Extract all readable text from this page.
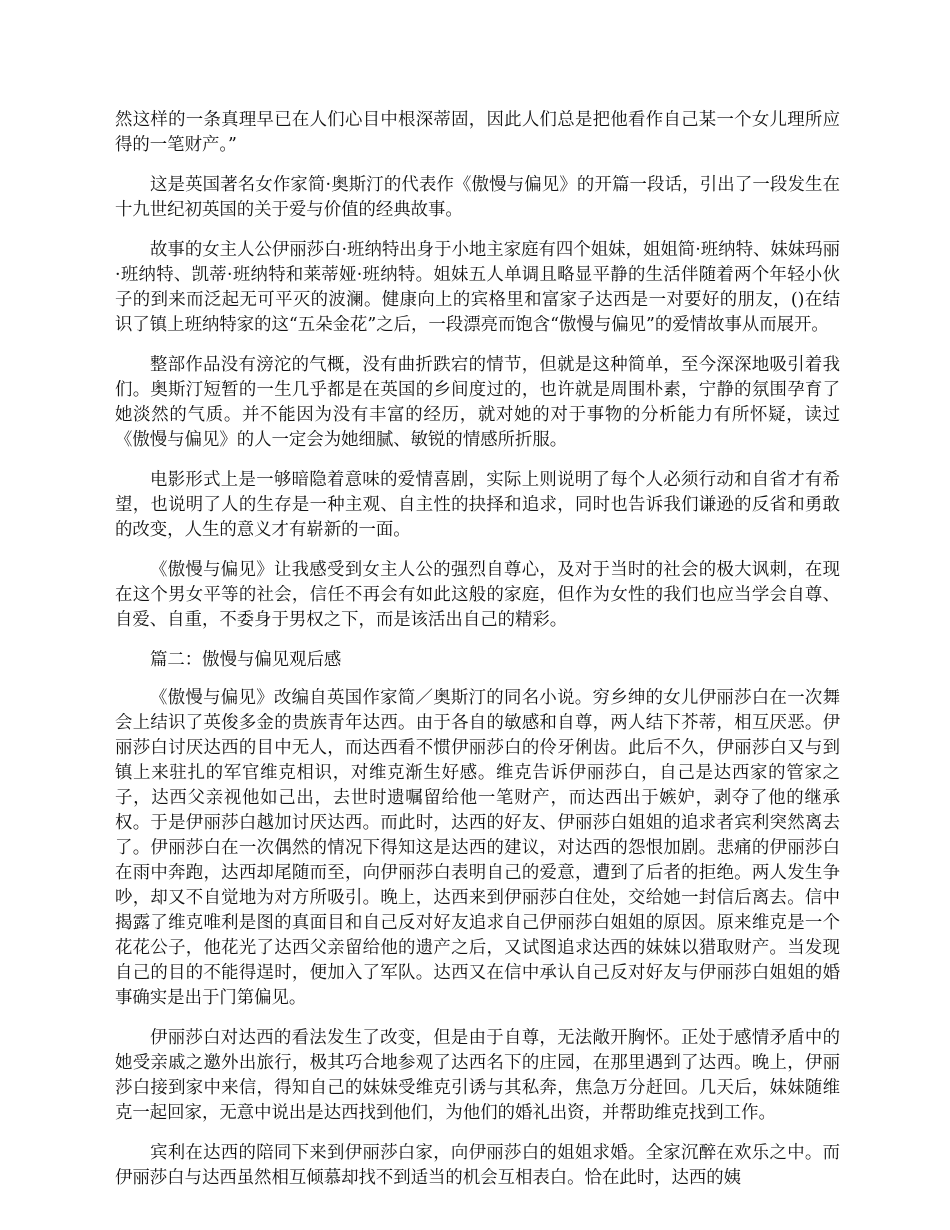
然这样的一条真理早已在人们心目中根深蒂固，因此人们总是把他看作自己某一个女儿理所应得的一笔财产。”

这是英国著名女作家简·奥斯汀的代表作《傲慢与偏见》的开篇一段话，引出了一段发生在十九世纪初英国的关于爱与价值的经典故事。

故事的女主人公伊丽莎白·班纳特出身于小地主家庭有四个姐妹，姐姐简·班纳特、妹妹玛丽·班纳特、凯蒂·班纳特和莱蒂娅·班纳特。姐妹五人单调且略显平静的生活伴随着两个年轻小伙子的到来而泛起无可平灭的波澜。健康向上的宾格里和富家子达西是一对要好的朋友，()在结识了镇上班纳特家的这“五朵金花”之后，一段漂亮而饱含“傲慢与偏见”的爱情故事从而展开。

整部作品没有滂沱的气概，没有曲折跌宕的情节，但就是这种简单，至今深深地吸引着我们。奥斯汀短暂的一生几乎都是在英国的乡间度过的，也许就是周围朴素，宁静的氛围孕育了她淡然的气质。并不能因为没有丰富的经历，就对她的对于事物的分析能力有所怀疑，读过《傲慢与偏见》的人一定会为她细腻、敏锐的情感所折服。

电影形式上是一够暗隐着意味的爱情喜剧，实际上则说明了每个人必须行动和自省才有希望，也说明了人的生存是一种主观、自主性的抉择和追求，同时也告诉我们谦逊的反省和勇敢的改变，人生的意义才有崭新的一面。

《傲慢与偏见》让我感受到女主人公的强烈自尊心，及对于当时的社会的极大讽刺，在现在这个男女平等的社会，信任不再会有如此这般的家庭，但作为女性的我们也应当学会自尊、自爱、自重，不委身于男权之下，而是该活出自己的精彩。

篇二：傲慢与偏见观后感

《傲慢与偏见》改编自英国作家简／奥斯汀的同名小说。穷乡绅的女儿伊丽莎白在一次舞会上结识了英俊多金的贵族青年达西。由于各自的敏感和自尊，两人结下芥蒂，相互厌恶。伊丽莎白讨厌达西的目中无人，而达西看不惯伊丽莎白的伶牙俐齿。此后不久，伊丽莎白又与到镇上来驻扎的军官维克相识，对维克渐生好感。维克告诉伊丽莎白，自己是达西家的管家之子，达西父亲视他如己出，去世时遗嘱留给他一笔财产，而达西出于嫉妒，剥夺了他的继承权。于是伊丽莎白越加讨厌达西。而此时，达西的好友、伊丽莎白姐姐的追求者宾利突然离去了。伊丽莎白在一次偶然的情况下得知这是达西的建议，对达西的怨恨加剧。悲痛的伊丽莎白在雨中奔跑，达西却尾随而至，向伊丽莎白表明自己的爱意，遭到了后者的拒绝。两人发生争吵，却又不自觉地为对方所吸引。晚上，达西来到伊丽莎白住处，交给她一封信后离去。信中揭露了维克唯利是图的真面目和自己反对好友追求自己伊丽莎白姐姐的原因。原来维克是一个花花公子，他花光了达西父亲留给他的遗产之后，又试图追求达西的妹妹以猎取财产。当发现自己的目的不能得逞时，便加入了军队。达西又在信中承认自己反对好友与伊丽莎白姐姐的婚事确实是出于门第偏见。

伊丽莎白对达西的看法发生了改变，但是由于自尊，无法敞开胸怀。正处于感情矛盾中的她受亲戚之邀外出旅行，极其巧合地参观了达西名下的庄园，在那里遇到了达西。晚上，伊丽莎白接到家中来信，得知自己的妹妹受维克引诱与其私奔，焦急万分赶回。几天后，妹妹随维克一起回家，无意中说出是达西找到他们，为他们的婚礼出资，并帮助维克找到工作。

宾利在达西的陪同下来到伊丽莎白家，向伊丽莎白的姐姐求婚。全家沉醉在欢乐之中。而伊丽莎白与达西虽然相互倾慕却找不到适当的机会互相表白。恰在此时，达西的姨
